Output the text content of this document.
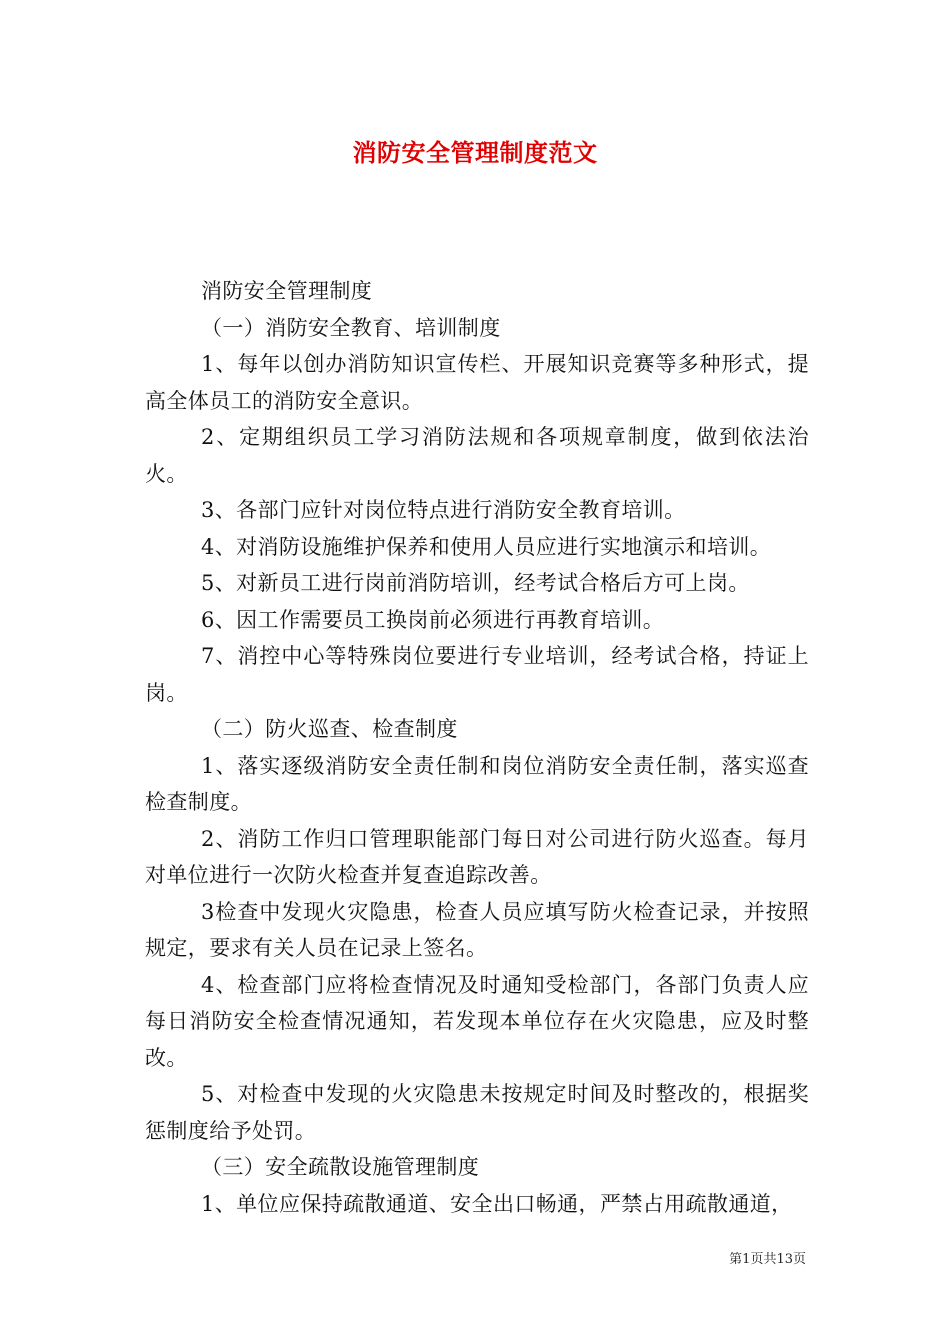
消防安全管理制度范文

消防安全管理制度

（一）消防安全教育、培训制度

1、每年以创办消防知识宣传栏、开展知识竞赛等多种形式，提高全体员工的消防安全意识。

2、定期组织员工学习消防法规和各项规章制度，做到依法治火。

3、各部门应针对岗位特点进行消防安全教育培训。

4、对消防设施维护保养和使用人员应进行实地演示和培训。

5、对新员工进行岗前消防培训，经考试合格后方可上岗。

6、因工作需要员工换岗前必须进行再教育培训。

7、消控中心等特殊岗位要进行专业培训，经考试合格，持证上岗。

（二）防火巡查、检查制度

1、落实逐级消防安全责任制和岗位消防安全责任制，落实巡查检查制度。

2、消防工作归口管理职能部门每日对公司进行防火巡查。每月对单位进行一次防火检查并复查追踪改善。

3检查中发现火灾隐患，检查人员应填写防火检查记录，并按照规定，要求有关人员在记录上签名。

4、检查部门应将检查情况及时通知受检部门，各部门负责人应每日消防安全检查情况通知，若发现本单位存在火灾隐患，应及时整改。

5、对检查中发现的火灾隐患未按规定时间及时整改的，根据奖惩制度给予处罚。

（三）安全疏散设施管理制度

1、单位应保持疏散通道、安全出口畅通，严禁占用疏散通道，

第1页共13页
